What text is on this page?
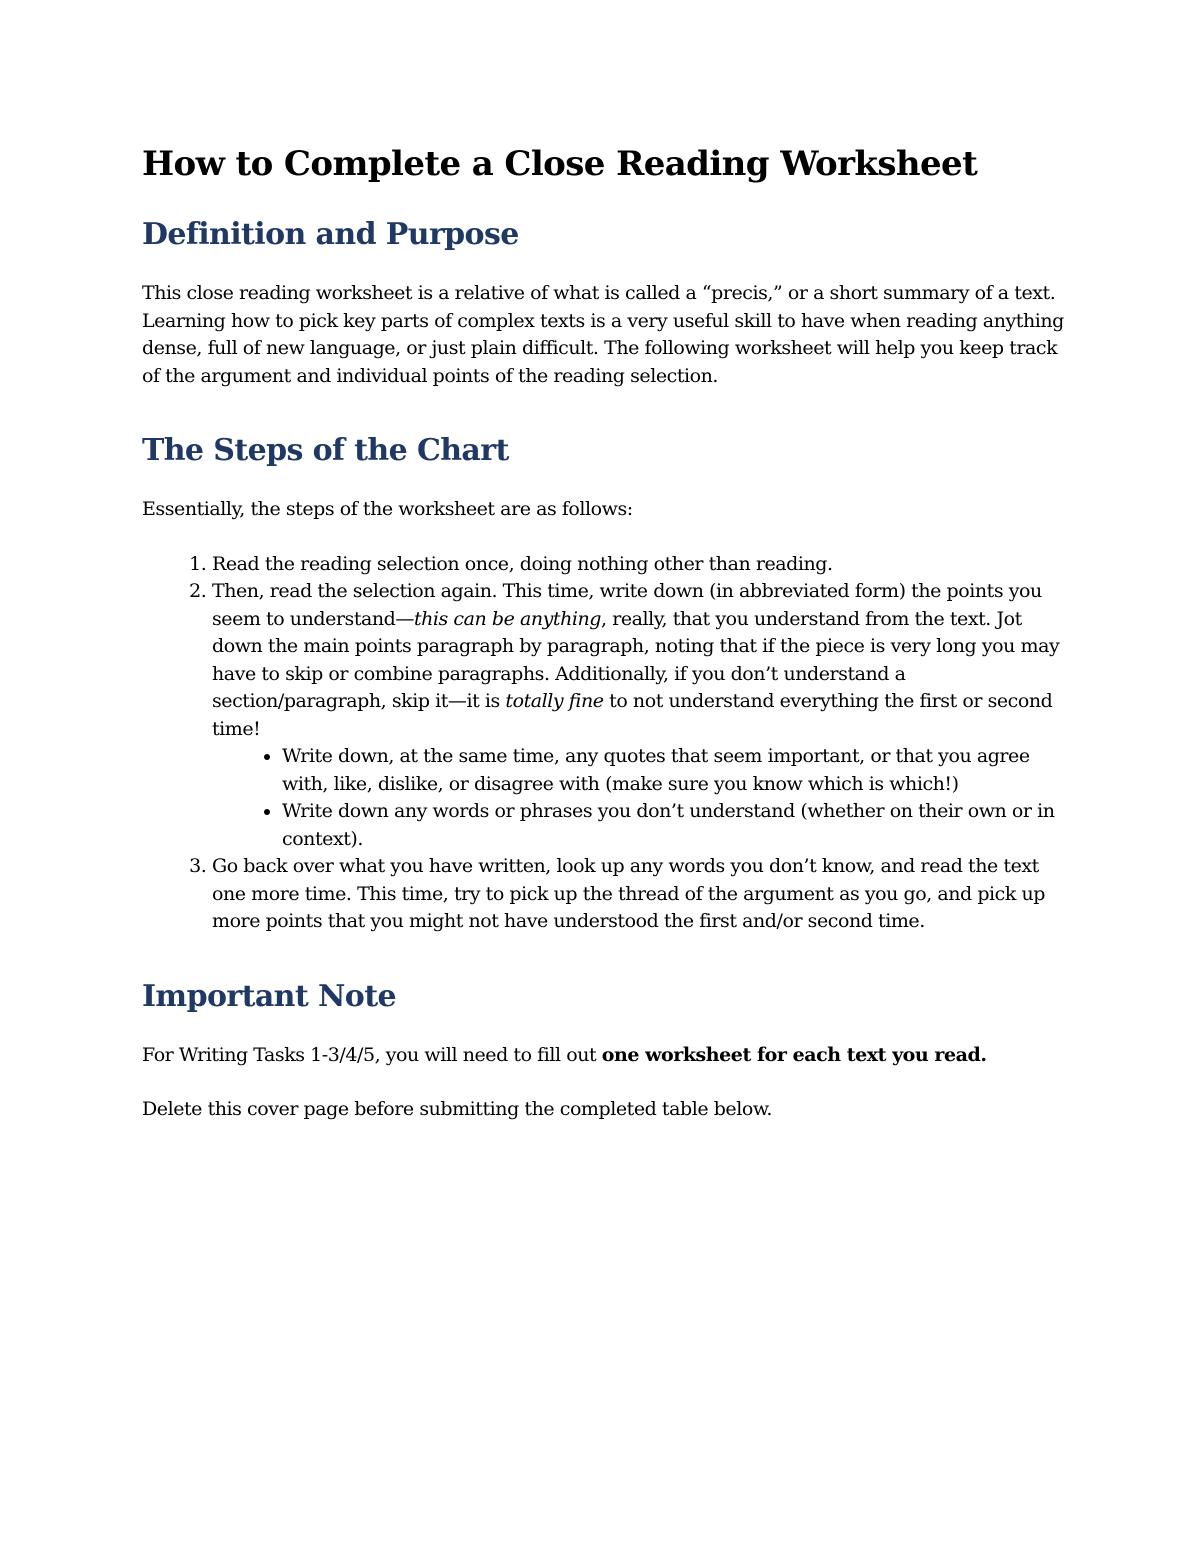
How to Complete a Close Reading Worksheet
Definition and Purpose

This close reading worksheet is a relative of what is called a “precis,” or a short summary of a text. Learning how to pick key parts of complex texts is a very useful skill to have when reading anything dense, full of new language, or just plain difficult. The following worksheet will help you keep track of the argument and individual points of the reading selection.

The Steps of the Chart

Essentially, the steps of the worksheet are as follows:

1. Read the reading selection once, doing nothing other than reading.
2. Then, read the selection again. This time, write down (in abbreviated form) the points you seem to understand—this can be anything, really, that you understand from the text. Jot down the main points paragraph by paragraph, noting that if the piece is very long you may have to skip or combine paragraphs. Additionally, if you don’t understand a section/paragraph, skip it—it is totally fine to not understand everything the first or second time!
• Write down, at the same time, any quotes that seem important, or that you agree with, like, dislike, or disagree with (make sure you know which is which!)
• Write down any words or phrases you don’t understand (whether on their own or in context).
3. Go back over what you have written, look up any words you don’t know, and read the text one more time. This time, try to pick up the thread of the argument as you go, and pick up more points that you might not have understood the first and/or second time.
Important Note

For Writing Tasks 1-3/4/5, you will need to fill out one worksheet for each text you read.

Delete this cover page before submitting the completed table below.
